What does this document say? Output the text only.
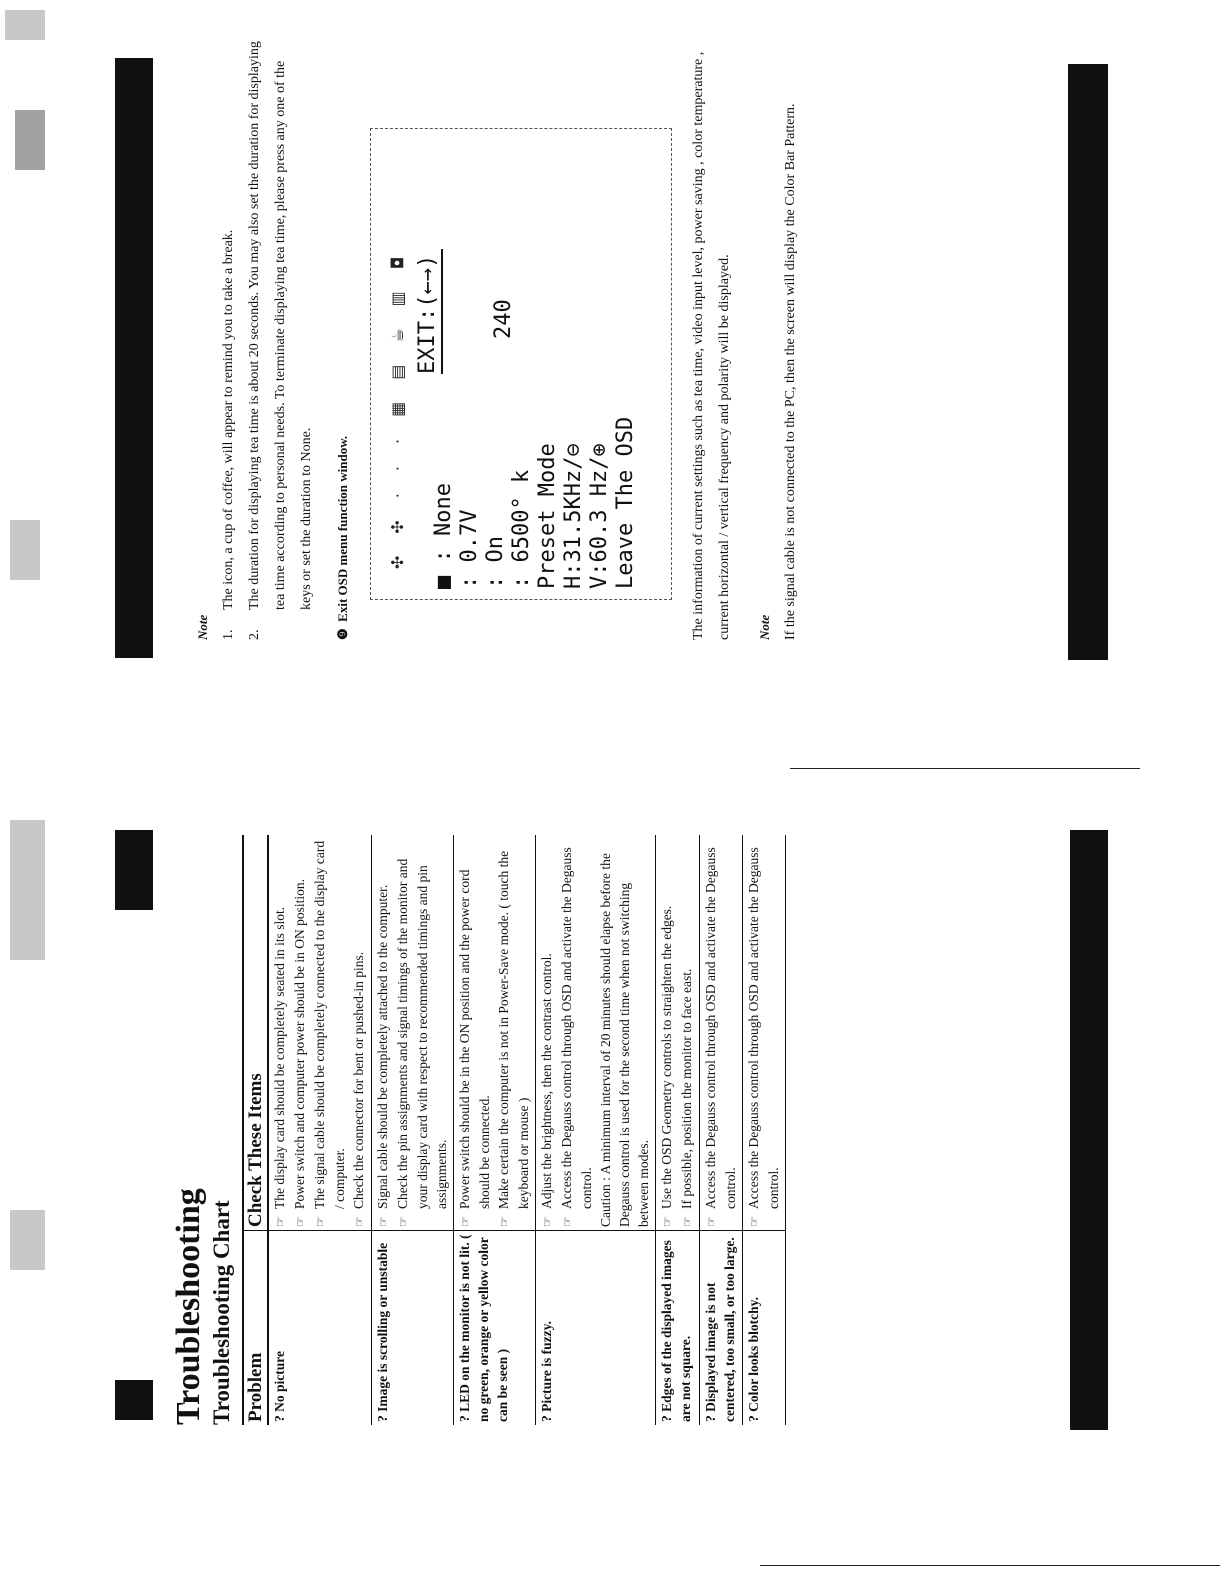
Troubleshooting Troubleshooting Chart Problem	Check These Items
? No picture	☞The display card should be completely seated in its slot.
☞Power switch and computer power should be in ON position.
☞The signal cable should be completely connected to the display card / computer.
☞Check the connector for bent or pushed-in pins.

? Image is scrolling or unstable	☞Signal cable should be completely attached to the computer.
☞Check the pin assignments and signal timings of the monitor and your display card with respect to recommended timings and pin assignments.

? LED on the monitor is not lit. ( no green, orange or yellow color can be seen )	☞Power switch should be in the ON position and the power cord should be connected.
☞Make certain the computer is not in Power-Save mode. ( touch the keyboard or mouse )

? Picture is fuzzy.	☞Adjust the brightness, then the contrast control.
☞Access the Degauss control through OSD and activate the Degauss control. Caution : A minimum interval of 20 minutes should elapse before the Degauss control is used for the second time when not switching between modes.

? Edges of the displayed images are not square.	☞Use the OSD Geometry controls to straighten the edges.
☞If possible, position the monitor to face east.

? Displayed image is not centered, too small, or too large.	☞Access the Degauss control through OSD and activate the Degauss control.

? Color looks blotchy.	☞Access the Degauss control through OSD and activate the Degauss control.
Note 1.The icon, a cup of coffee, will appear to remind you to take a break.
2.The duration for displaying tea time is about 20 seconds. You may also set the duration for displaying tea time according to personal needs. To terminate displaying tea time, please press any one of the keys or set the duration to None.
❾  Exit OSD menu function window.	✣✣···▦▤☕▥◘
■ : None : 0.7V : On : 6500° k Preset Mode H:31.5KHz/⊖ V:60.3 Hz/⊕ Leave The OSD
EXIT:(←→) 240	The information of current settings such as tea time, video input level, power saving , color temperature , current horizontal / vertical frequency and polarity will be displayed.	Note If the signal cable is not connected to the PC, then the screen will display the Color Bar Pattern.
